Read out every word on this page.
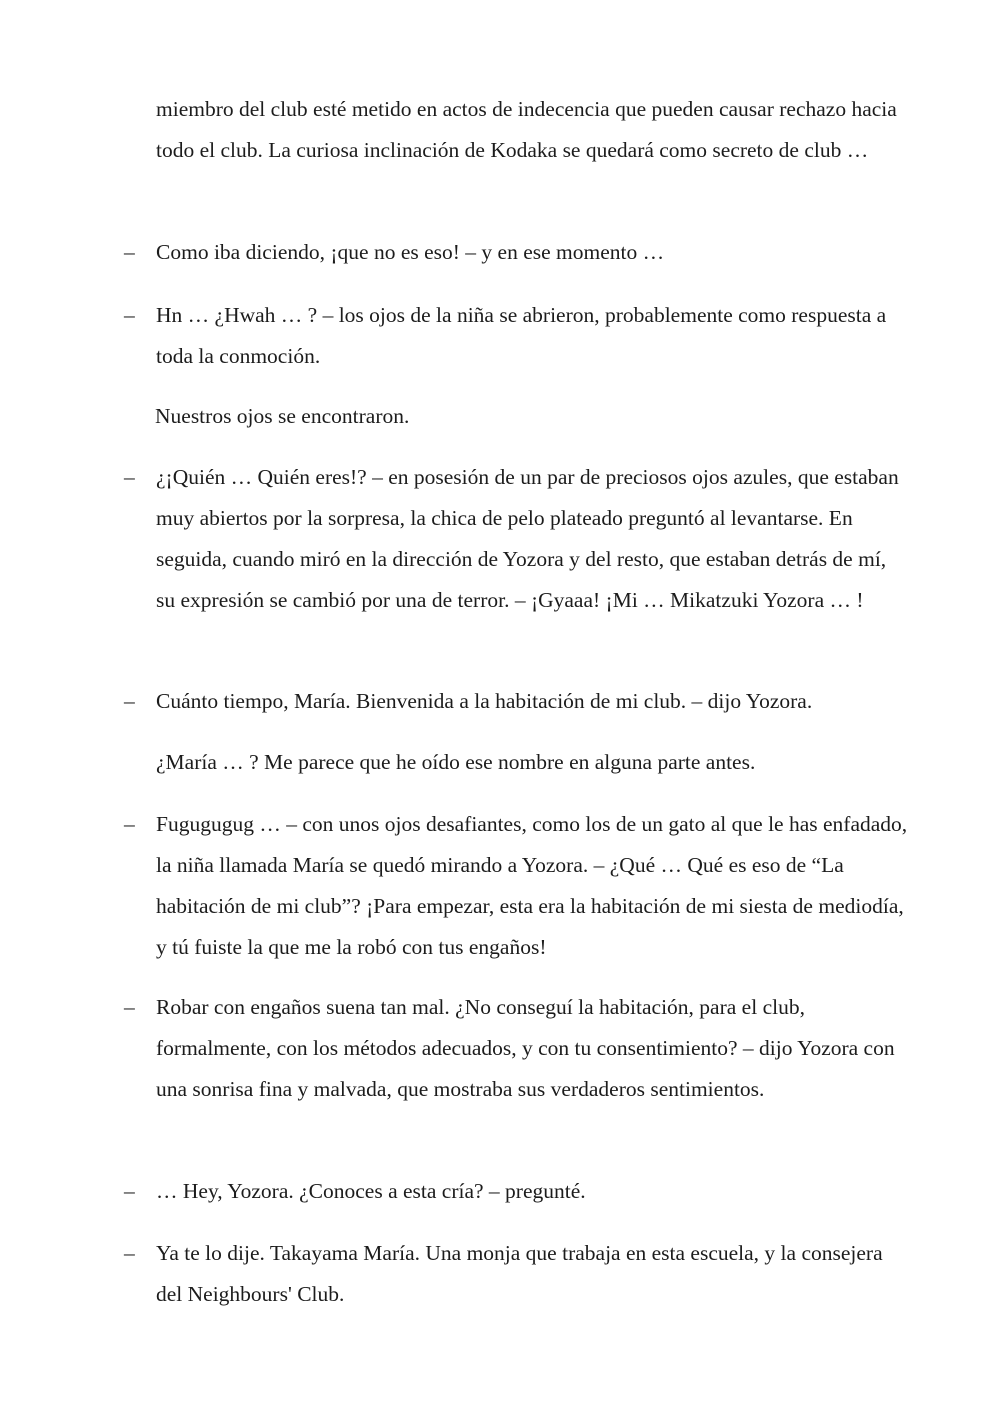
miembro del club esté metido en actos de indecencia que pueden causar rechazo hacia todo el club. La curiosa inclinación de Kodaka se quedará como secreto de club …
– Como iba diciendo, ¡que no es eso! – y en ese momento …
– Hn … ¿Hwah … ? – los ojos de la niña se abrieron, probablemente como respuesta a toda la conmoción.
Nuestros ojos se encontraron.
– ¿¡Quién … Quién eres!? – en posesión de un par de preciosos ojos azules, que estaban muy abiertos por la sorpresa, la chica de pelo plateado preguntó al levantarse. En seguida, cuando miró en la dirección de Yozora y del resto, que estaban detrás de mí, su expresión se cambió por una de terror. – ¡Gyaaa! ¡Mi … Mikatzuki Yozora … !
– Cuánto tiempo, María. Bienvenida a la habitación de mi club. – dijo Yozora.
¿María … ? Me parece que he oído ese nombre en alguna parte antes.
– Fugugugug … – con unos ojos desafiantes, como los de un gato al que le has enfadado, la niña llamada María se quedó mirando a Yozora. – ¿Qué … Qué es eso de “La habitación de mi club”? ¡Para empezar, esta era la habitación de mi siesta de mediodía, y tú fuiste la que me la robó con tus engaños!
– Robar con engaños suena tan mal. ¿No conseguí la habitación, para el club, formalmente, con los métodos adecuados, y con tu consentimiento? – dijo Yozora con una sonrisa fina y malvada, que mostraba sus verdaderos sentimientos.
– … Hey, Yozora. ¿Conoces a esta cría? – pregunté.
– Ya te lo dije. Takayama María. Una monja que trabaja en esta escuela, y la consejera del Neighbours' Club.
